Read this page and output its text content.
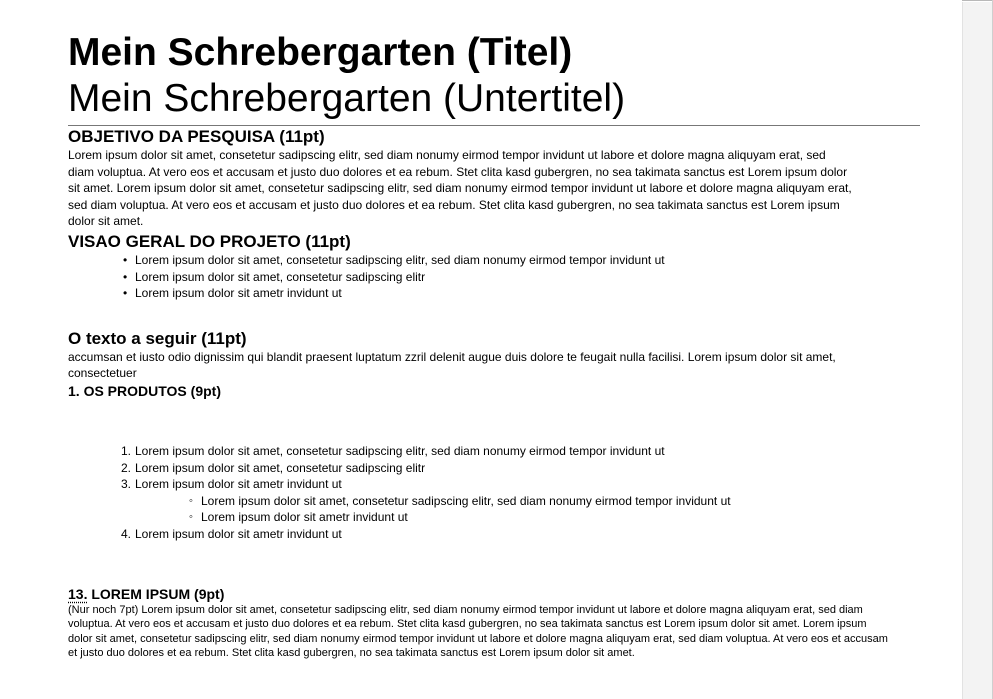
Mein Schrebergarten (Titel)
Mein Schrebergarten (Untertitel)
OBJETIVO DA PESQUISA (11pt)
Lorem ipsum dolor sit amet, consetetur sadipscing elitr, sed diam nonumy eirmod tempor invidunt ut labore et dolore magna aliquyam erat, sed
diam voluptua. At vero eos et accusam et justo duo dolores et ea rebum. Stet clita kasd gubergren, no sea takimata sanctus est Lorem ipsum dolor
sit amet. Lorem ipsum dolor sit amet, consetetur sadipscing elitr, sed diam nonumy eirmod tempor invidunt ut labore et dolore magna aliquyam erat,
sed diam voluptua. At vero eos et accusam et justo duo dolores et ea rebum. Stet clita kasd gubergren, no sea takimata sanctus est Lorem ipsum
dolor sit amet.
VISAO GERAL DO PROJETO (11pt)
• Lorem ipsum dolor sit amet, consetetur sadipscing elitr, sed diam nonumy eirmod tempor invidunt ut
• Lorem ipsum dolor sit amet, consetetur sadipscing elitr
• Lorem ipsum dolor sit ametr invidunt ut
O texto a seguir (11pt)
accumsan et iusto odio dignissim qui blandit praesent luptatum zzril delenit augue duis dolore te feugait nulla facilisi. Lorem ipsum dolor sit amet,
consectetuer
1. OS PRODUTOS (9pt)
1. Lorem ipsum dolor sit amet, consetetur sadipscing elitr, sed diam nonumy eirmod tempor invidunt ut
2. Lorem ipsum dolor sit amet, consetetur sadipscing elitr
3. Lorem ipsum dolor sit ametr invidunt ut
◦ Lorem ipsum dolor sit amet, consetetur sadipscing elitr, sed diam nonumy eirmod tempor invidunt ut
◦ Lorem ipsum dolor sit ametr invidunt ut
4. Lorem ipsum dolor sit ametr invidunt ut
13. LOREM IPSUM (9pt)
(Nur noch 7pt) Lorem ipsum dolor sit amet, consetetur sadipscing elitr, sed diam nonumy eirmod tempor invidunt ut labore et dolore magna aliquyam erat, sed diam
voluptua. At vero eos et accusam et justo duo dolores et ea rebum. Stet clita kasd gubergren, no sea takimata sanctus est Lorem ipsum dolor sit amet. Lorem ipsum
dolor sit amet, consetetur sadipscing elitr, sed diam nonumy eirmod tempor invidunt ut labore et dolore magna aliquyam erat, sed diam voluptua. At vero eos et accusam
et justo duo dolores et ea rebum. Stet clita kasd gubergren, no sea takimata sanctus est Lorem ipsum dolor sit amet.
